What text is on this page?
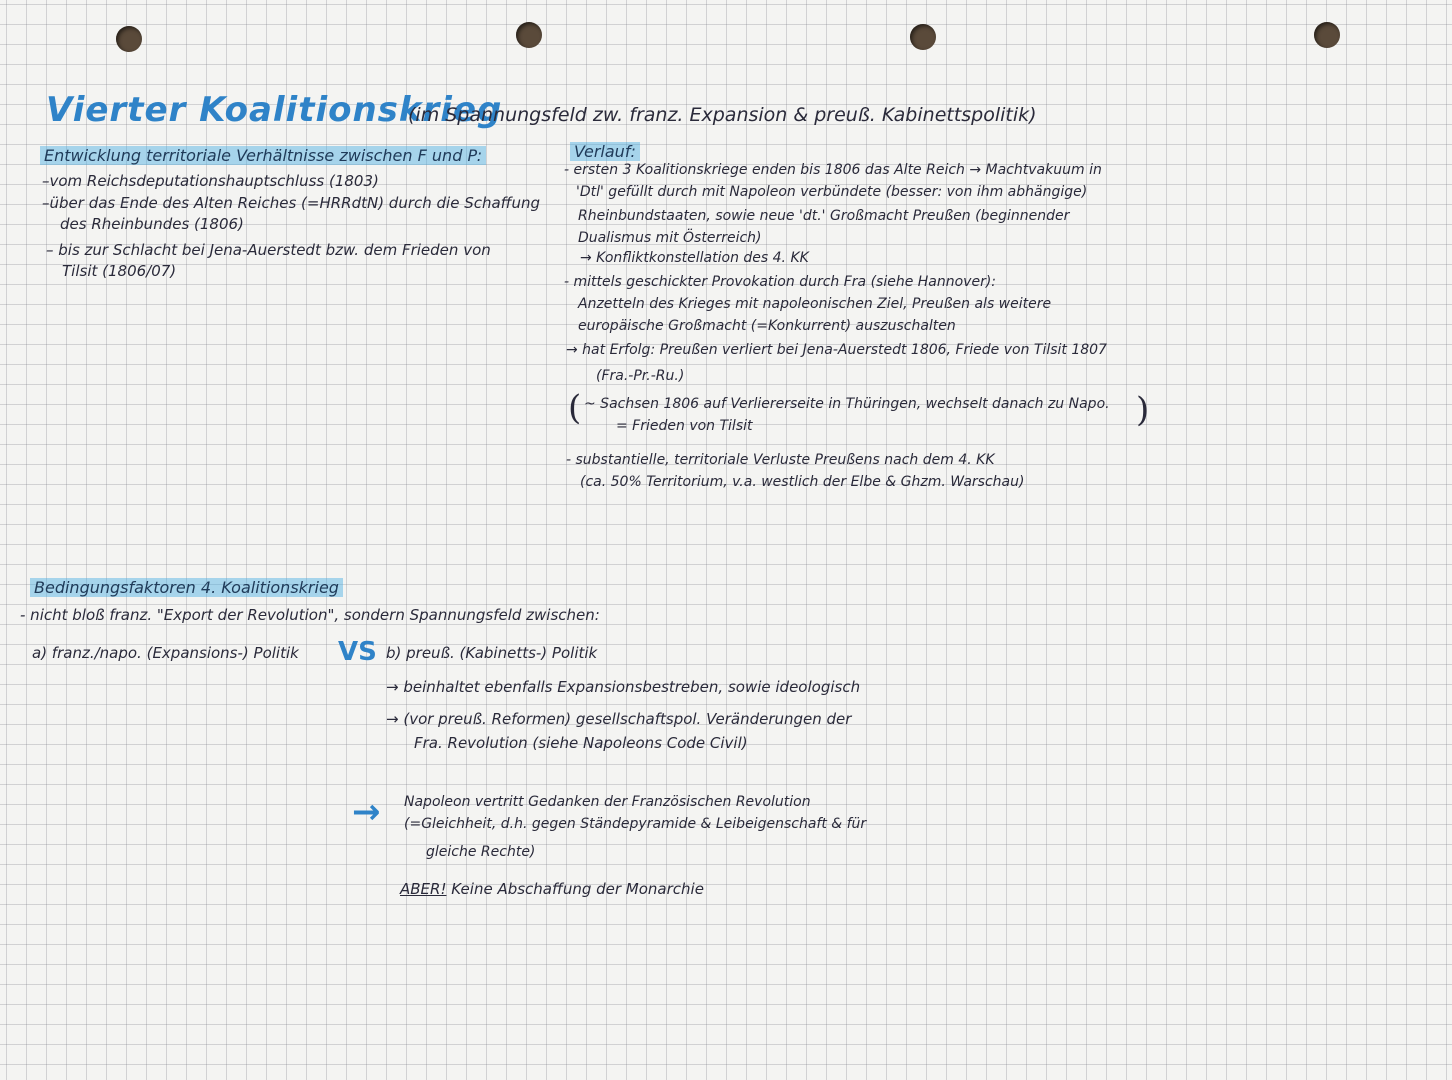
Vierter Koalitionskrieg
(im Spannungsfeld zw. franz. Expansion & preuß. Kabinettspolitik)
Entwicklung territoriale Verhältnisse zwischen F und P:
–vom Reichsdeputationshauptschluss (1803)
–über das Ende des Alten Reiches (=HRRdtN) durch die Schaffung
des Rheinbundes (1806)
– bis zur Schlacht bei Jena-Auerstedt bzw. dem Frieden von
Tilsit (1806/07)
Verlauf:
- ersten 3 Koalitionskriege enden bis 1806 das Alte Reich → Machtvakuum in
'Dtl' gefüllt durch mit Napoleon verbündete (besser: von ihm abhängige)
Rheinbundstaaten, sowie neue 'dt.' Großmacht Preußen (beginnender
Dualismus mit Österreich)
→ Konfliktkonstellation des 4. KK
- mittels geschickter Provokation durch Fra (siehe Hannover):
Anzetteln des Krieges mit napoleonischen Ziel, Preußen als weitere
europäische Großmacht (=Konkurrent) auszuschalten
→ hat Erfolg: Preußen verliert bei Jena-Auerstedt 1806, Friede von Tilsit 1807
(Fra.-Pr.-Ru.)
( ~ Sachsen 1806 auf Verliererseite in Thüringen, wechselt danach zu Napo.
= Frieden von Tilsit	)
- substantielle, territoriale Verluste Preußens nach dem 4. KK
(ca. 50% Territorium, v.a. westlich der Elbe & Ghzm. Warschau)
Bedingungsfaktoren 4. Koalitionskrieg
- nicht bloß franz. "Export der Revolution", sondern Spannungsfeld zwischen:
a) franz./napo. (Expansions-) Politik VS b) preuß. (Kabinetts-) Politik
→ beinhaltet ebenfalls Expansionsbestreben, sowie ideologisch
→ (vor preuß. Reformen) gesellschaftspol. Veränderungen der
Fra. Revolution (siehe Napoleons Code Civil)
→ Napoleon vertritt Gedanken der Französischen Revolution
(=Gleichheit, d.h. gegen Ständepyramide & Leibeigenschaft & für
gleiche Rechte)
ABER! Keine Abschaffung der Monarchie
